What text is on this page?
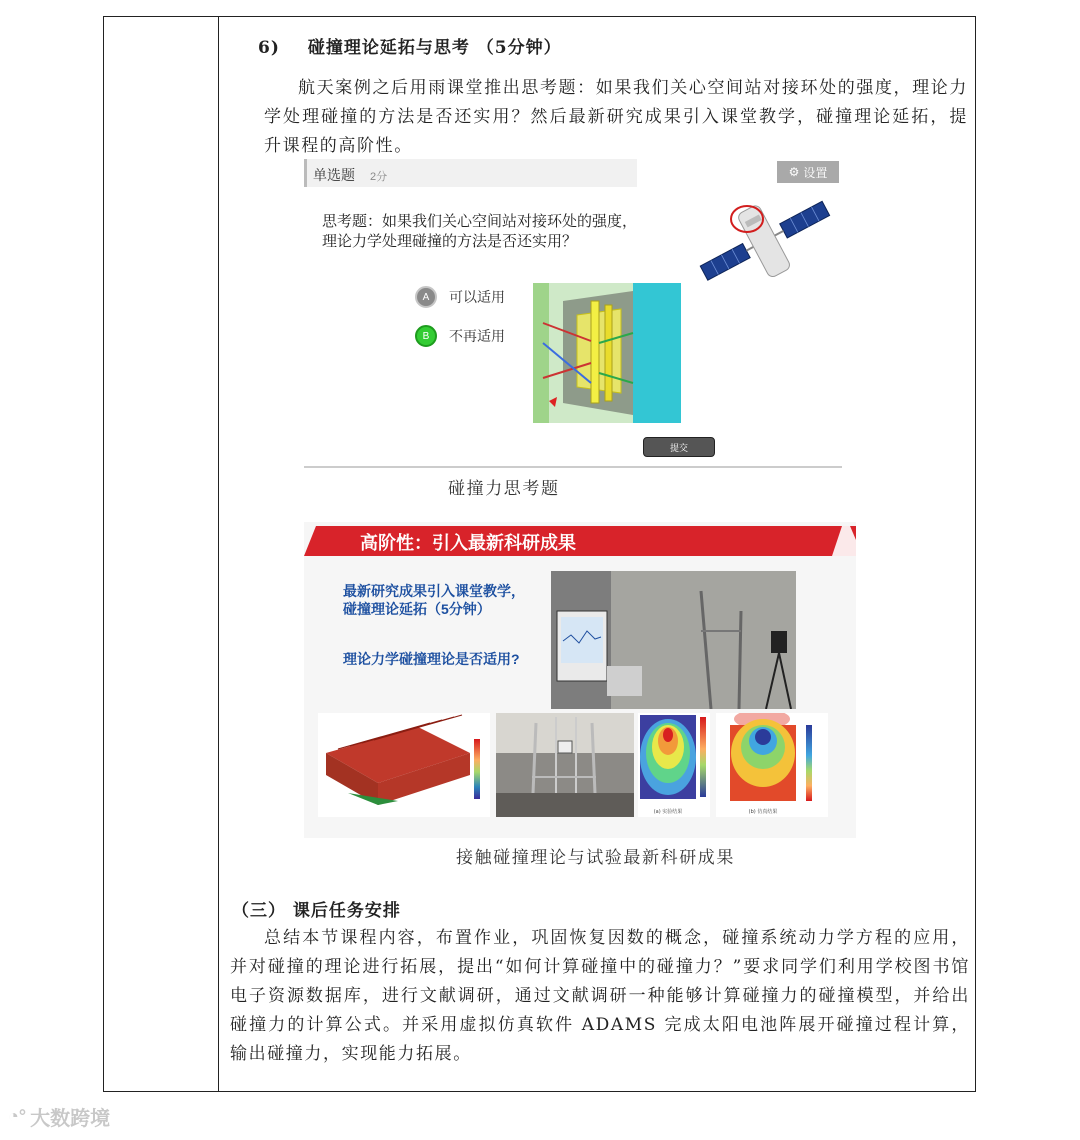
6) 碰撞理论延拓与思考 （5分钟）
航天案例之后用雨课堂推出思考题：如果我们关心空间站对接环处的强度，理论力学处理碰撞的方法是否还实用？然后最新研究成果引入课堂教学，碰撞理论延拓，提升课程的高阶性。
单选题 2分	⚙ 设置
思考题：如果我们关心空间站对接环处的强度，
理论力学处理碰撞的方法是否还实用？
A	可以适用
B	不再适用
提交
碰撞力思考题
高阶性：引入最新科研成果
最新研究成果引入课堂教学，
碰撞理论延拓（5分钟）
理论力学碰撞理论是否适用?
(a) 实验结果	(b) 仿真结果
接触碰撞理论与试验最新科研成果
（三） 课后任务安排
总结本节课程内容，布置作业，巩固恢复因数的概念，碰撞系统动力学方程的应用，并对碰撞的理论进行拓展，提出“如何计算碰撞中的碰撞力？”要求同学们利用学校图书馆电子资源数据库，进行文献调研，通过文献调研一种能够计算碰撞力的碰撞模型，并给出碰撞力的计算公式。并采用虚拟仿真软件 ADAMS 完成太阳电池阵展开碰撞过程计算，输出碰撞力，实现能力拓展。
◔° 大数跨境
